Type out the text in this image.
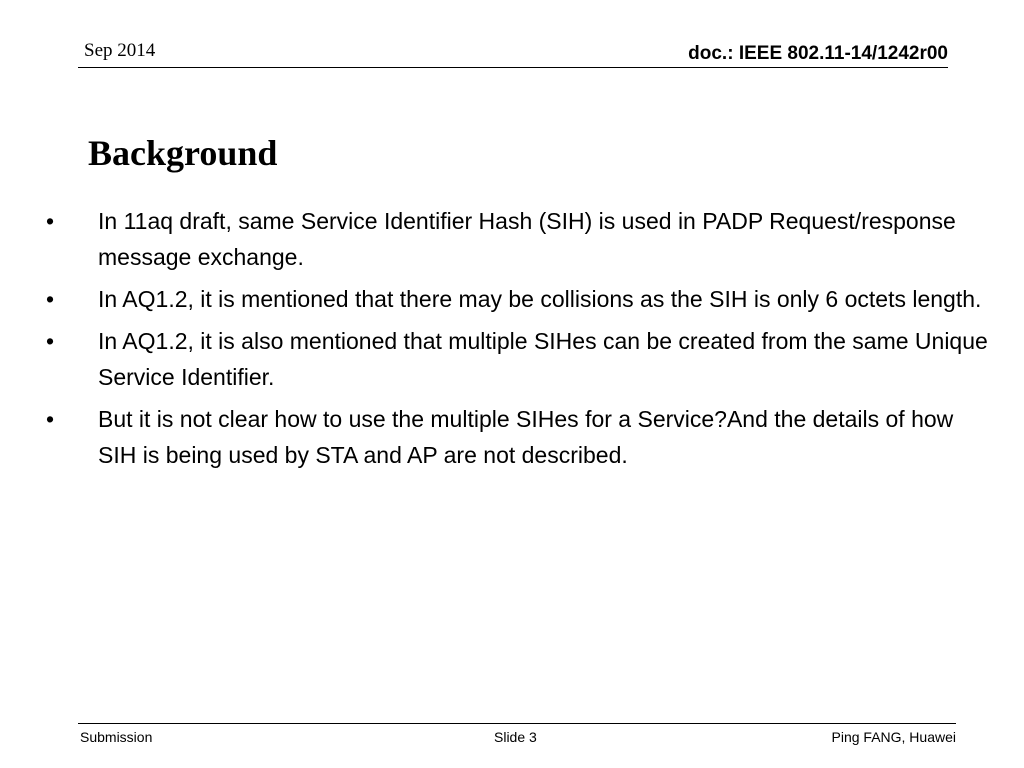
Sep 2014	doc.: IEEE 802.11-14/1242r00
Background
• In 11aq draft, same Service Identifier Hash (SIH) is used in PADP Request/response message exchange.
• In AQ1.2, it is mentioned that there may be collisions as the SIH is only 6 octets length.
• In AQ1.2, it is also mentioned that multiple SIHes can be created from the same Unique Service Identifier.
• But it is not clear how to use the multiple SIHes for a Service?And the details of how SIH is being used by STA and AP are not described.
Submission	Slide 3	Ping FANG, Huawei
